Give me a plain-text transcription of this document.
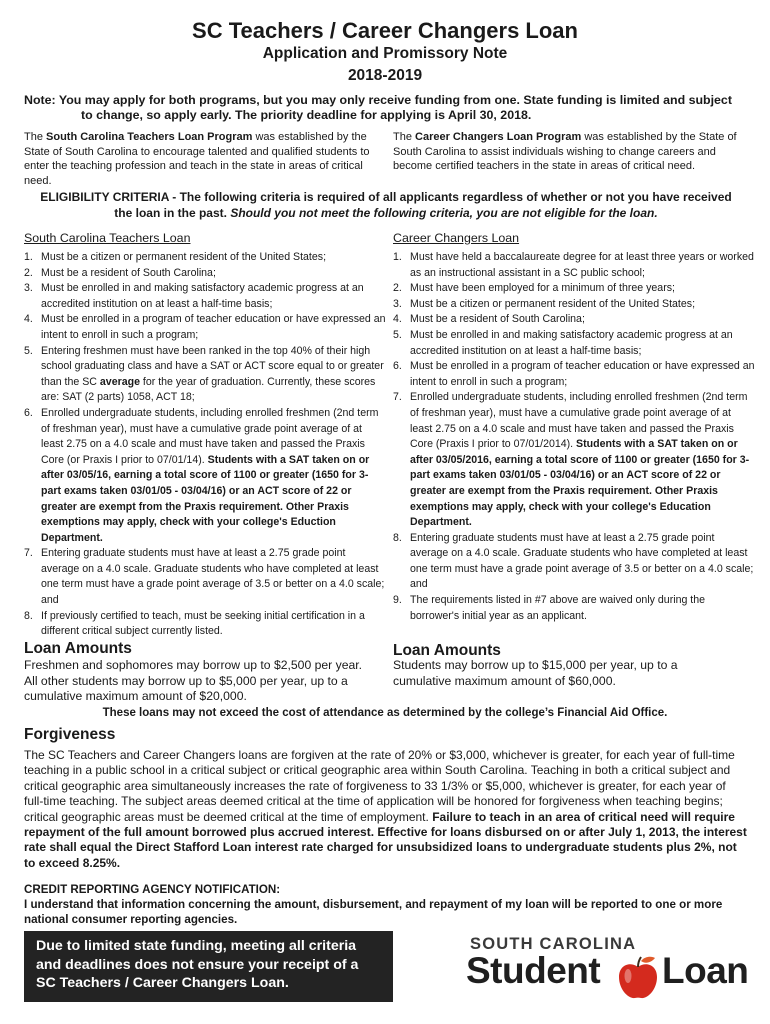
SC Teachers / Career Changers Loan
Application and Promissory Note
2018-2019
Note: You may apply for both programs, but you may only receive funding from one. State funding is limited and subject
to change, so apply early. The priority deadline for applying is April 30, 2018.
The South Carolina Teachers Loan Program was established by the State of South Carolina to encourage talented and qualified students to enter the teaching profession and teach in the state in areas of critical need.
The Career Changers Loan Program was established by the State of South Carolina to assist individuals wishing to change careers and become certified teachers in the state in areas of critical need.
ELIGIBILITY CRITERIA - The following criteria is required of all applicants regardless of whether or not you have received the loan in the past. Should you not meet the following criteria, you are not eligible for the loan.
South Carolina Teachers Loan
1. Must be a citizen or permanent resident of the United States;
2. Must be a resident of South Carolina;
3. Must be enrolled in and making satisfactory academic progress at an accredited institution on at least a half-time basis;
4. Must be enrolled in a program of teacher education or have expressed an intent to enroll in such a program;
5. Entering freshmen must have been ranked in the top 40% of their high school graduating class and have a SAT or ACT score equal to or greater than the SC average for the year of graduation. Currently, these scores are: SAT (2 parts) 1058, ACT 18;
6. Enrolled undergraduate students, including enrolled freshmen (2nd term of freshman year), must have a cumulative grade point average of at least 2.75 on a 4.0 scale and must have taken and passed the Praxis Core (or Praxis I prior to 07/01/14). Students with a SAT taken on or after 03/05/16, earning a total score of 1100 or greater (1650 for 3-part exams taken 03/01/05 - 03/04/16) or an ACT score of 22 or greater are exempt from the Praxis requirement. Other Praxis exemptions may apply, check with your college's Eduction Department.
7. Entering graduate students must have at least a 2.75 grade point average on a 4.0 scale. Graduate students who have completed at least one term must have a grade point average of 3.5 or better on a 4.0 scale; and
8. If previously certified to teach, must be seeking initial certification in a different critical subject currently listed.
Loan Amounts
Freshmen and sophomores may borrow up to $2,500 per year. All other students may borrow up to $5,000 per year, up to a cumulative maximum amount of $20,000.
Career Changers Loan
1. Must have held a baccalaureate degree for at least three years or worked as an instructional assistant in a SC public school;
2. Must have been employed for a minimum of three years;
3. Must be a citizen or permanent resident of the United States;
4. Must be a resident of South Carolina;
5. Must be enrolled in and making satisfactory academic progress at an accredited institution on at least a half-time basis;
6. Must be enrolled in a program of teacher education or have expressed an intent to enroll in such a program;
7. Enrolled undergraduate students, including enrolled freshmen (2nd term of freshman year), must have a cumulative grade point average of at least 2.75 on a 4.0 scale and must have taken and passed the Praxis Core (Praxis I prior to 07/01/2014). Students with a SAT taken on or after 03/05/2016, earning a total score of 1100 or greater (1650 for 3-part exams taken 03/01/05 - 03/04/16) or an ACT score of 22 or greater are exempt from the Praxis requirement. Other Praxis exemptions may apply, check with your college's Education Department.
8. Entering graduate students must have at least a 2.75 grade point average on a 4.0 scale. Graduate students who have completed at least one term must have a grade point average of 3.5 or better on a 4.0 scale; and
9. The requirements listed in #7 above are waived only during the borrower's initial year as an applicant.
Loan Amounts
Students may borrow up to $15,000 per year, up to a cumulative maximum amount of $60,000.
These loans may not exceed the cost of attendance as determined by the college’s Financial Aid Office.
Forgiveness
The SC Teachers and Career Changers loans are forgiven at the rate of 20% or $3,000, whichever is greater, for each year of full-time teaching in a public school in a critical subject or critical geographic area within South Carolina. Teaching in both a critical subject and critical geographic area simultaneously increases the rate of forgiveness to 33 1/3% or $5,000, whichever is greater, for each year of full-time teaching. The subject areas deemed critical at the time of application will be honored for forgiveness when teaching begins; critical geographic areas must be deemed critical at the time of employment. Failure to teach in an area of critical need will require repayment of the full amount borrowed plus accrued interest. Effective for loans disbursed on or after July 1, 2013, the interest rate shall equal the Direct Stafford Loan interest rate charged for unsubsidized loans to undergraduate students plus 2%, not to exceed 8.25%.
CREDIT REPORTING AGENCY NOTIFICATION:
I understand that information concerning the amount, disbursement, and repayment of my loan will be reported to one or more national consumer reporting agencies.
Due to limited state funding, meeting all criteria
and deadlines does not ensure your receipt of a
SC Teachers / Career Changers Loan.
SOUTH CAROLINA
Student Loan
